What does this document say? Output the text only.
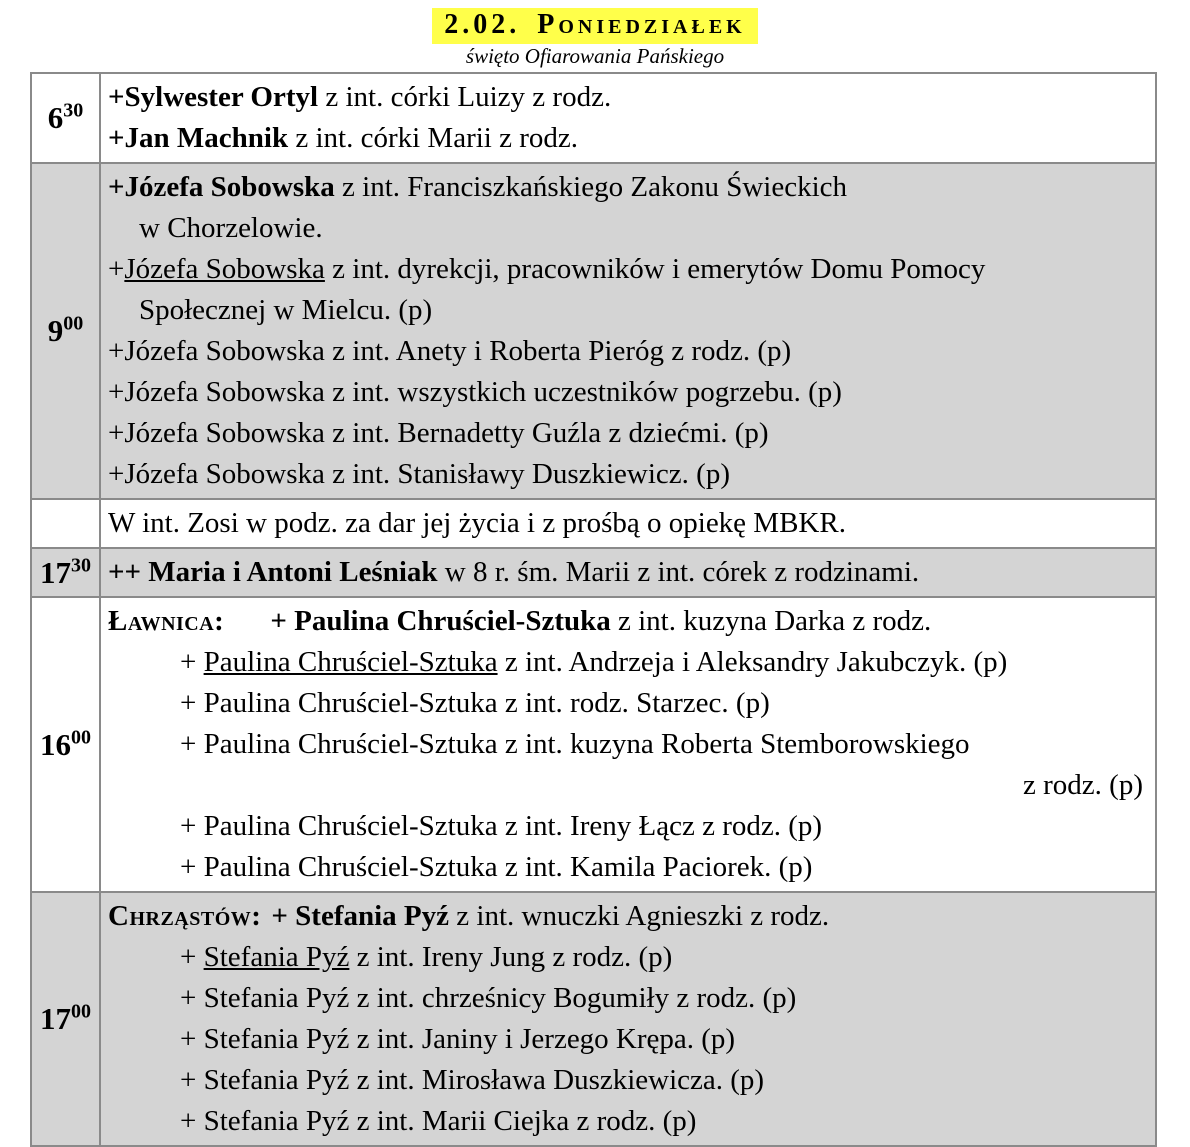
2.02. Poniedziałek
święto Ofiarowania Pańskiego
$6^{30}$	+Sylwester Ortyl z int. córki Luizy z rodz.
+Jan Machnik z int. córki Marii z rodz.

$9^{00}$	
+Józefa Sobowska z int. Franciszkańskiego Zakonu Świeckich
w Chorzelowie.
+Józefa Sobowska z int. dyrekcji, pracowników i emerytów Domu Pomocy
Społecznej w Mielcu. (p)
+Józefa Sobowska z int. Anety i Roberta Pieróg z rodz. (p)
+Józefa Sobowska z int. wszystkich uczestników pogrzebu. (p)
+Józefa Sobowska z int. Bernadetty Guźla z dziećmi. (p)
+Józefa Sobowska z int. Stanisławy Duszkiewicz. (p)

	W int. Zosi w podz. za dar jej życia i z prośbą o opiekę MBKR.

$17^{30}$	++ Maria i Antoni Leśniak w 8 r. śm. Marii z int. córek z rodzinami.

$16^{00}$	
Ławnica: + Paulina Chruściel-Sztuka z int. kuzyna Darka z rodz.
+ Paulina Chruściel-Sztuka z int. Andrzeja i Aleksandry Jakubczyk. (p)
+ Paulina Chruściel-Sztuka z int. rodz. Starzec. (p)
+ Paulina Chruściel-Sztuka z int. kuzyna Roberta Stemborowskiego
z rodz. (p)
+ Paulina Chruściel-Sztuka z int. Ireny Łącz z rodz. (p)
+ Paulina Chruściel-Sztuka z int. Kamila Paciorek. (p)

$17^{00}$	
Chrząstów: + Stefania Pyź z int. wnuczki Agnieszki z rodz.
+ Stefania Pyź z int. Ireny Jung z rodz. (p)
+ Stefania Pyź z int. chrześnicy Bogumiły z rodz. (p)
+ Stefania Pyź z int. Janiny i Jerzego Krępa. (p)
+ Stefania Pyź z int. Mirosława Duszkiewicza. (p)
+ Stefania Pyź z int. Marii Ciejka z rodz. (p)
